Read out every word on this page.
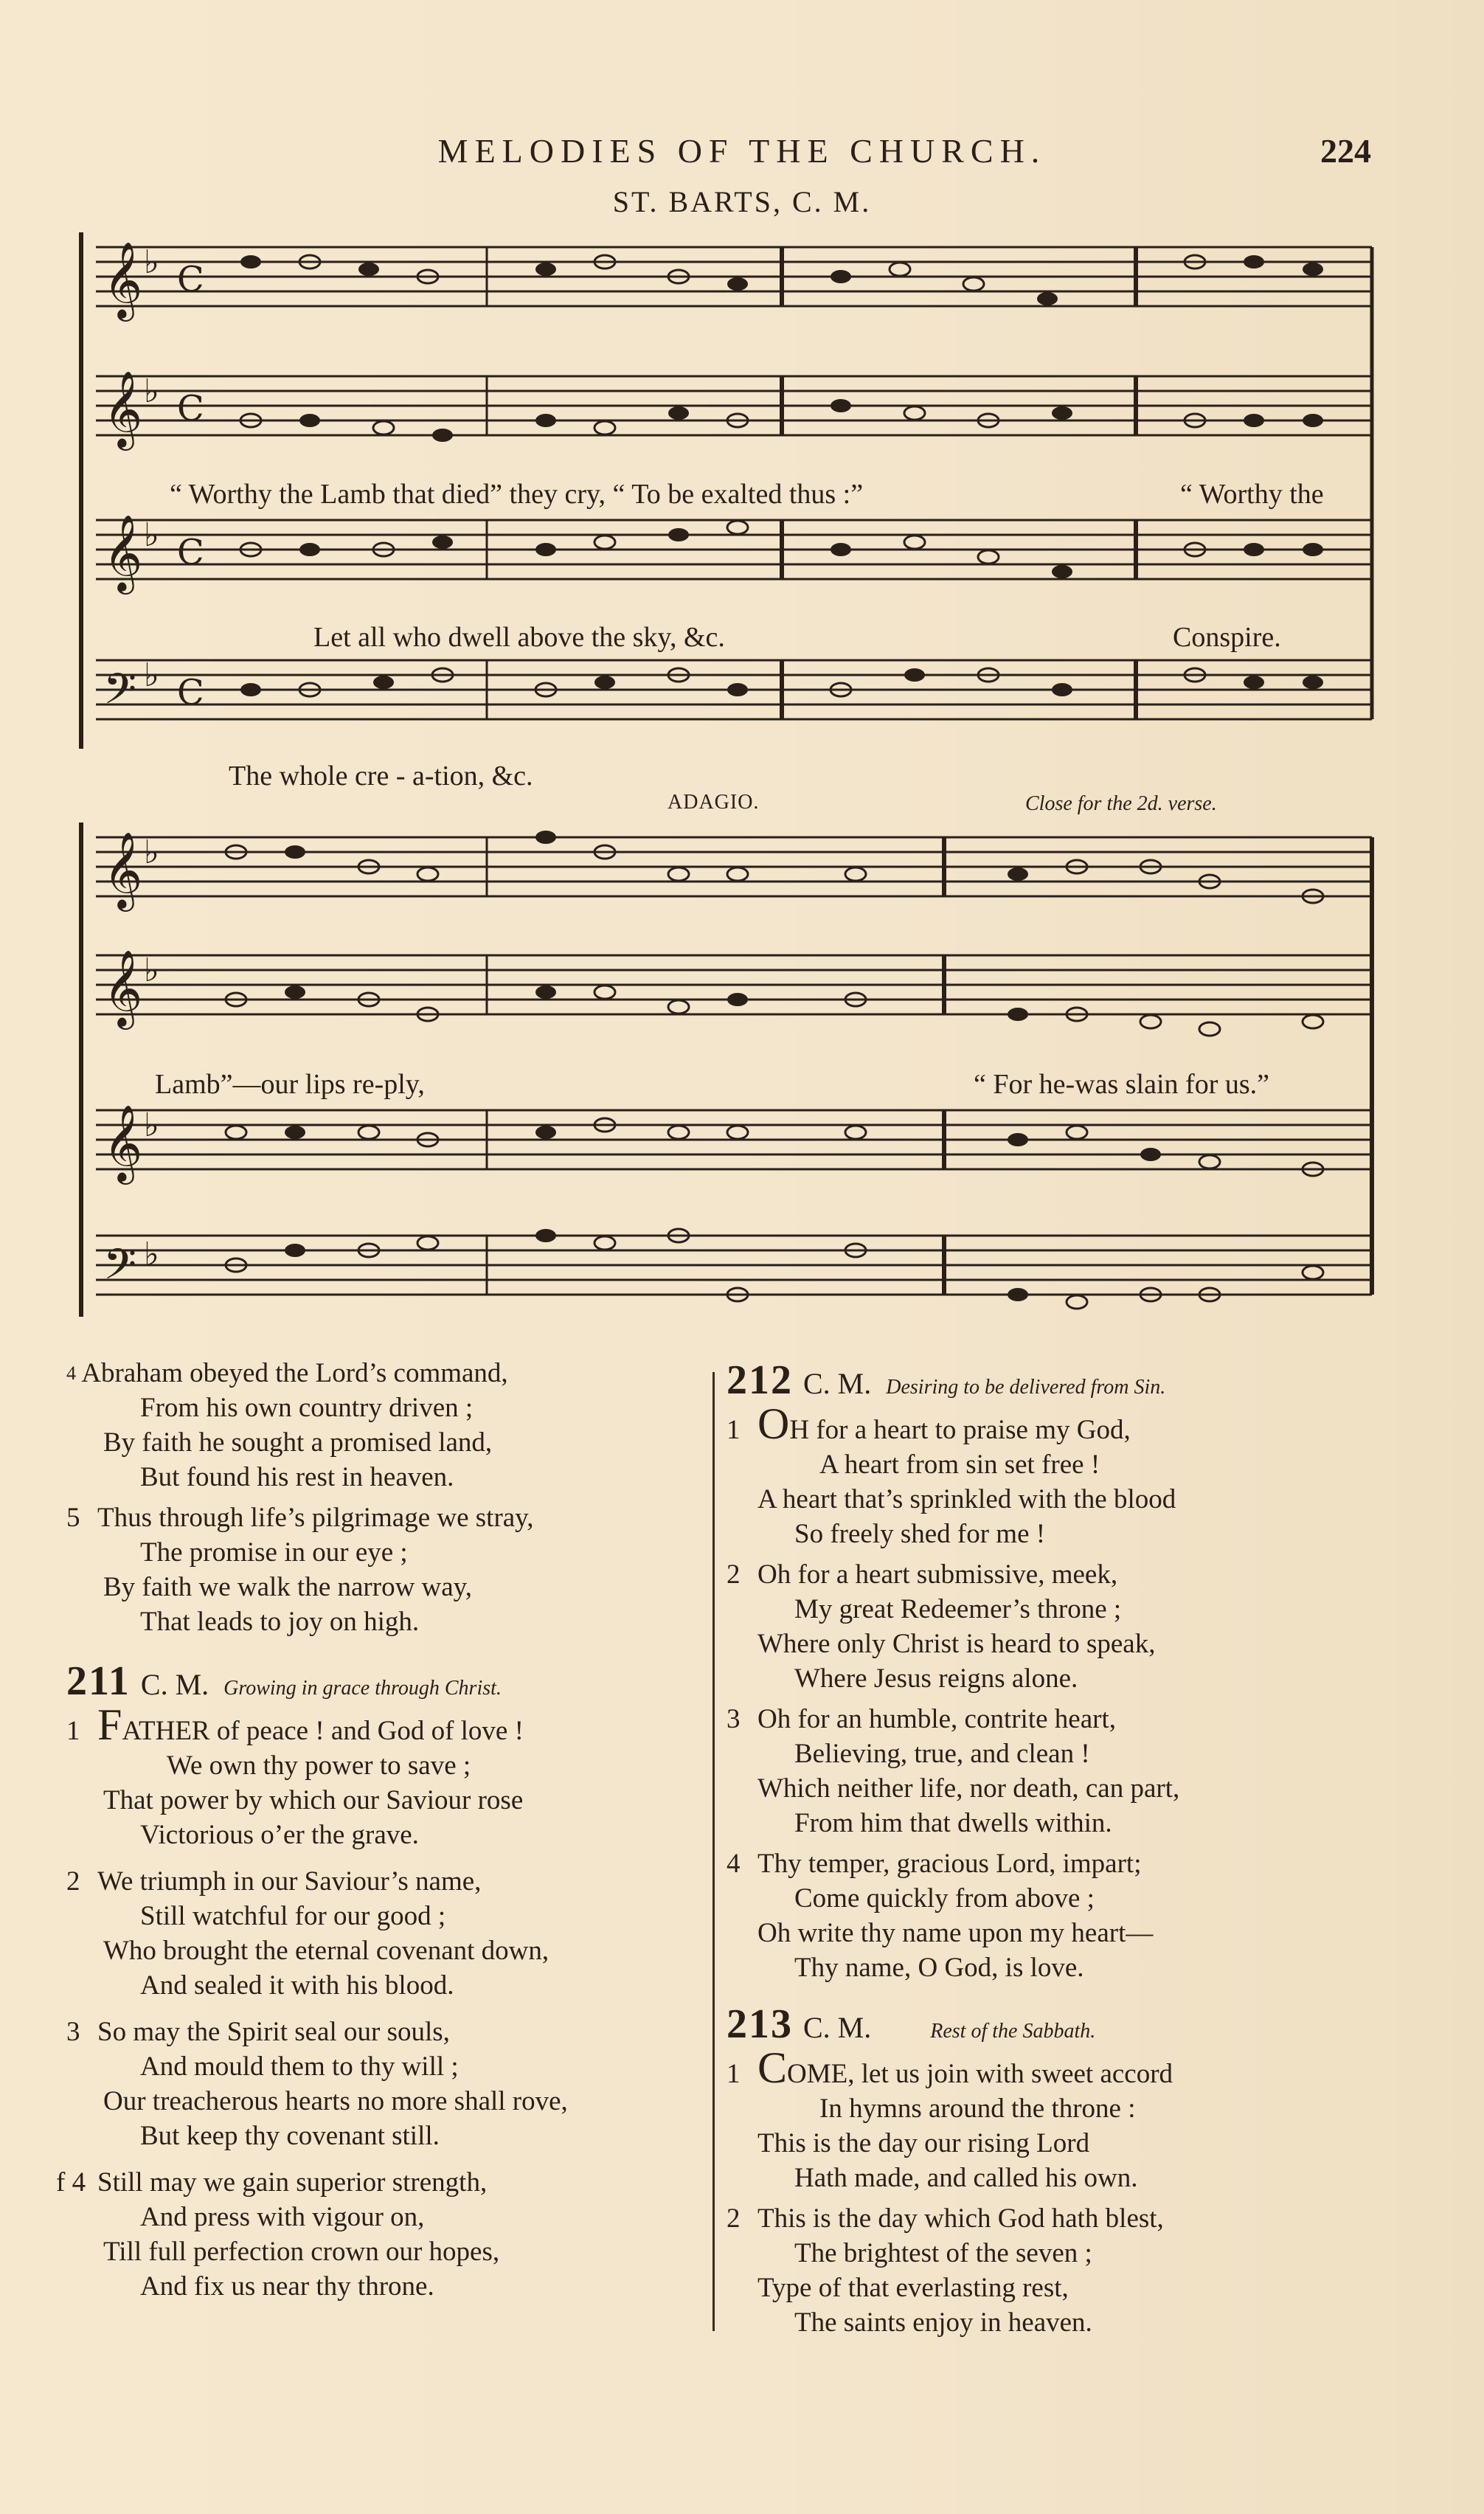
MELODIES OF THE CHURCH.	224
ST. BARTS, C. M.
𝄞
𝄞
𝄞
𝄢
♭
♭
♭
♭
C
C
C
C
“ Worthy the Lamb that died” they cry, “ To be exalted thus :”	“ Worthy the
Let all who dwell above the sky, &c.	Conspire.
The whole cre - a-tion, &c.
ADAGIO.	Close for the 2d. verse.
𝄞
𝄞
𝄞
𝄢
♭
♭
♭
♭
Lamb”—our lips re-ply,	“ For he-was slain for us.”
$^4$ Abraham obeyed the Lord’s command,
From his own country driven ;
By faith he sought a promised land,
But found his rest in heaven.
5 Thus through life’s pilgrimage we stray,
The promise in our eye ;
By faith we walk the narrow way,
That leads to joy on high.
211 C. M. Growing in grace through Christ.
1 FATHER of peace ! and God of love !
We own thy power to save ;
That power by which our Saviour rose
Victorious o’er the grave.
2 We triumph in our Saviour’s name,
Still watchful for our good ;
Who brought the eternal covenant down,
And sealed it with his blood.
3 So may the Spirit seal our souls,
And mould them to thy will ;
Our treacherous hearts no more shall rove,
But keep thy covenant still.
f 4 Still may we gain superior strength,
And press with vigour on,
Till full perfection crown our hopes,
And fix us near thy throne.
212 C. M. Desiring to be delivered from Sin.
1 OH for a heart to praise my God,
A heart from sin set free !
A heart that’s sprinkled with the blood
So freely shed for me !
2 Oh for a heart submissive, meek,
My great Redeemer’s throne ;
Where only Christ is heard to speak,
Where Jesus reigns alone.
3 Oh for an humble, contrite heart,
Believing, true, and clean !
Which neither life, nor death, can part,
From him that dwells within.
4 Thy temper, gracious Lord, impart;
Come quickly from above ;
Oh write thy name upon my heart—
Thy name, O God, is love.
213 C. M.	Rest of the Sabbath.
1 COME, let us join with sweet accord
In hymns around the throne :
This is the day our rising Lord
Hath made, and called his own.
2 This is the day which God hath blest,
The brightest of the seven ;
Type of that everlasting rest,
The saints enjoy in heaven.
